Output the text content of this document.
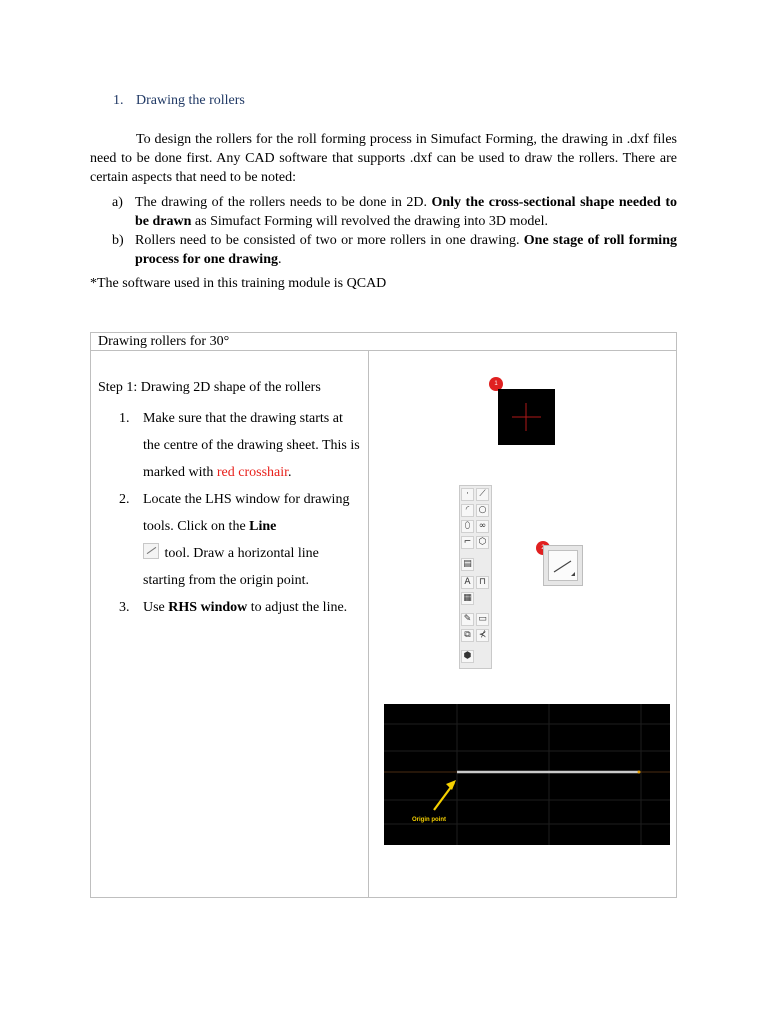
1. Drawing the rollers
To design the rollers for the roll forming process in Simufact Forming, the drawing in .dxf files need to be done first. Any CAD software that supports .dxf can be used to draw the rollers. There are certain aspects that need to be noted:
a) The drawing of the rollers needs to be done in 2D. Only the cross-sectional shape needed to be drawn as Simufact Forming will revolved the drawing into 3D model.
b) Rollers need to be consisted of two or more rollers in one drawing. One stage of roll forming process for one drawing.
*The software used in this training module is QCAD
Drawing rollers for 30°
Step 1: Drawing 2D shape of the rollers
1. Make sure that the drawing starts at the centre of the drawing sheet. This is marked with red crosshair.
2. Locate the LHS window for drawing tools. Click on the Line
tool. Draw a horizontal line starting from the origin point.
3. Use RHS window to adjust the line.
1
·	⟋
◜	○
⬯ ∞
⌐ ⬡
▤
A ⊓
▦
✎ ▭
⧉ ⊀
⬢
Origin point
